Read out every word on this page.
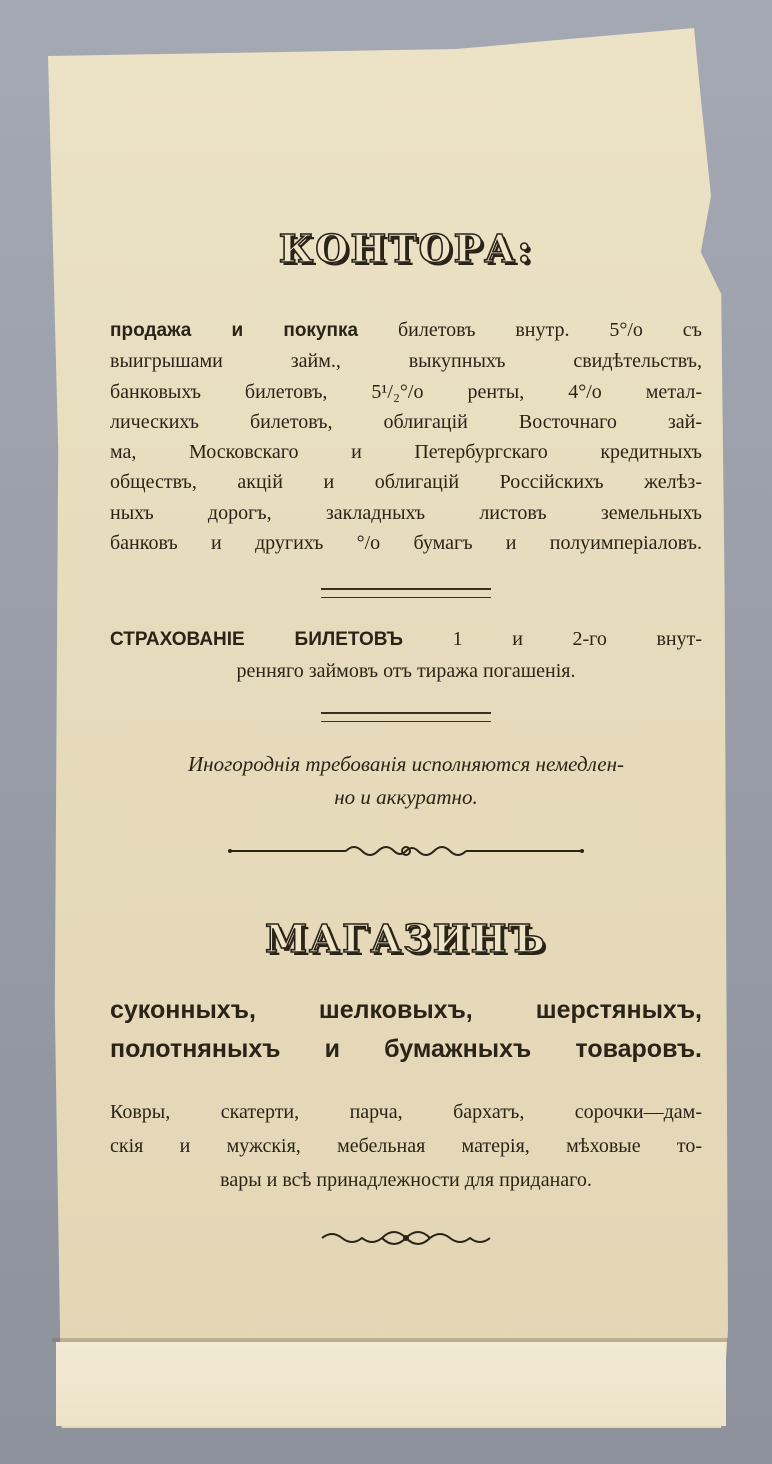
КОНТОРА:
продажа и покупка билетовъ внутр. 5°/о съ
выигрышами займ., выкупныхъ свидѣтельствъ,
банковыхъ билетовъ, 5¹/₂°/о ренты, 4°/о метал-
лическихъ билетовъ, облигацій Восточнаго зай-
ма, Московскаго и Петербургскаго кредитныхъ
обществъ, акцій и облигацій Россійскихъ желѣз-
ныхъ дорогъ, закладныхъ листовъ земельныхъ
банковъ и другихъ °/о бумагъ и полуимперіаловъ.
СТРАХОВАНІЕ БИЛЕТОВЪ 1 и 2-го внут-
ренняго займовъ отъ тиража погашенія.
Иногороднія требованія исполняются немедлен-
но и аккуратно.
МАГАЗИНЪ
суконныхъ, шелковыхъ, шерстяныхъ,
полотняныхъ и бумажныхъ товаровъ.
Ковры, скатерти, парча, бархатъ, сорочки—дам-
скія и мужскія, мебельная матерія, мѣховые то-
вары и всѣ принадлежности для приданаго.
